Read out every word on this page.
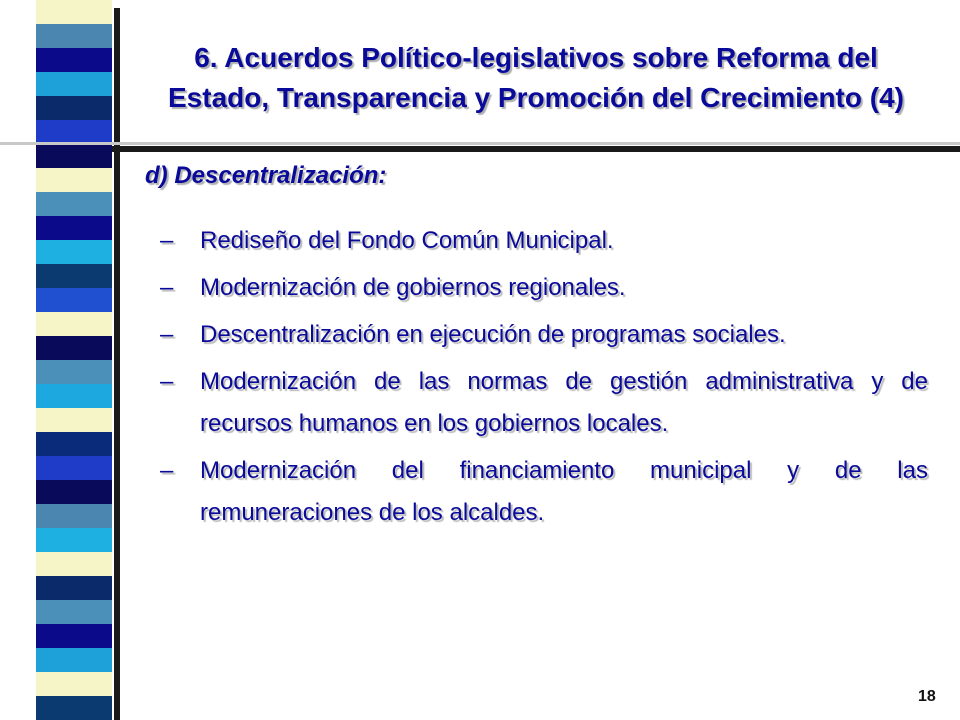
6. Acuerdos Político-legislativos sobre Reforma del
Estado, Transparencia y Promoción del Crecimiento (4)
d) Descentralización:
–	Rediseño del Fondo Común Municipal.
–	Modernización de gobiernos regionales.
–	Descentralización en ejecución de programas sociales.
–	Modernización de las normas de gestión administrativa y de recursos humanos en los gobiernos locales.
–	Modernización del financiamiento municipal y de las remuneraciones de los alcaldes.
18
